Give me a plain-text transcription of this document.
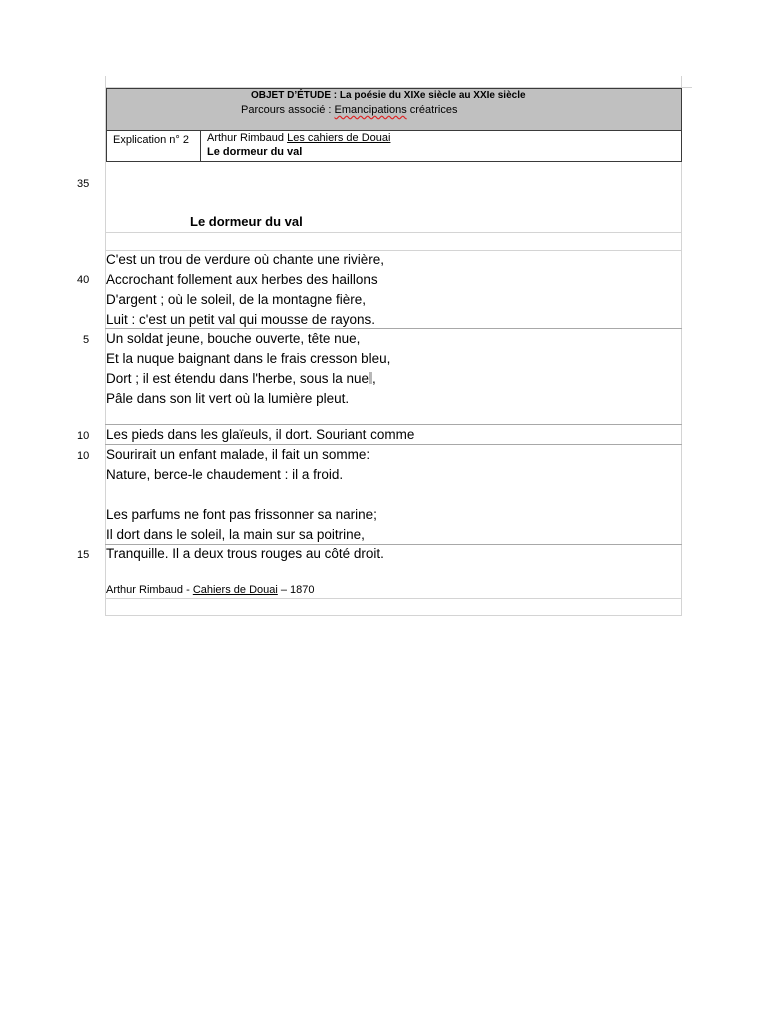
OBJET D’ÉTUDE : La poésie du XIXe siècle au XXIe siècle
Parcours associé : Emancipations créatrices
Explication n° 2 Arthur Rimbaud Les cahiers de Douai
Le dormeur du val
35
40
5
10
10
15
Le dormeur du val
C'est un trou de verdure où chante une rivière,
Accrochant follement aux herbes des haillons
D'argent ; où le soleil, de la montagne fière,
Luit : c'est un petit val qui mousse de rayons.
Un soldat jeune, bouche ouverte, tête nue,
Et la nuque baignant dans le frais cresson bleu,
Dort ; il est étendu dans l'herbe, sous la nue ,
Pâle dans son lit vert où la lumière pleut.
Les pieds dans les glaïeuls, il dort. Souriant comme
Sourirait un enfant malade, il fait un somme:
Nature, berce-le chaudement : il a froid.
Les parfums ne font pas frissonner sa narine;
Il dort dans le soleil, la main sur sa poitrine,
Tranquille. Il a deux trous rouges au côté droit.
Arthur Rimbaud - Cahiers de Douai – 1870
